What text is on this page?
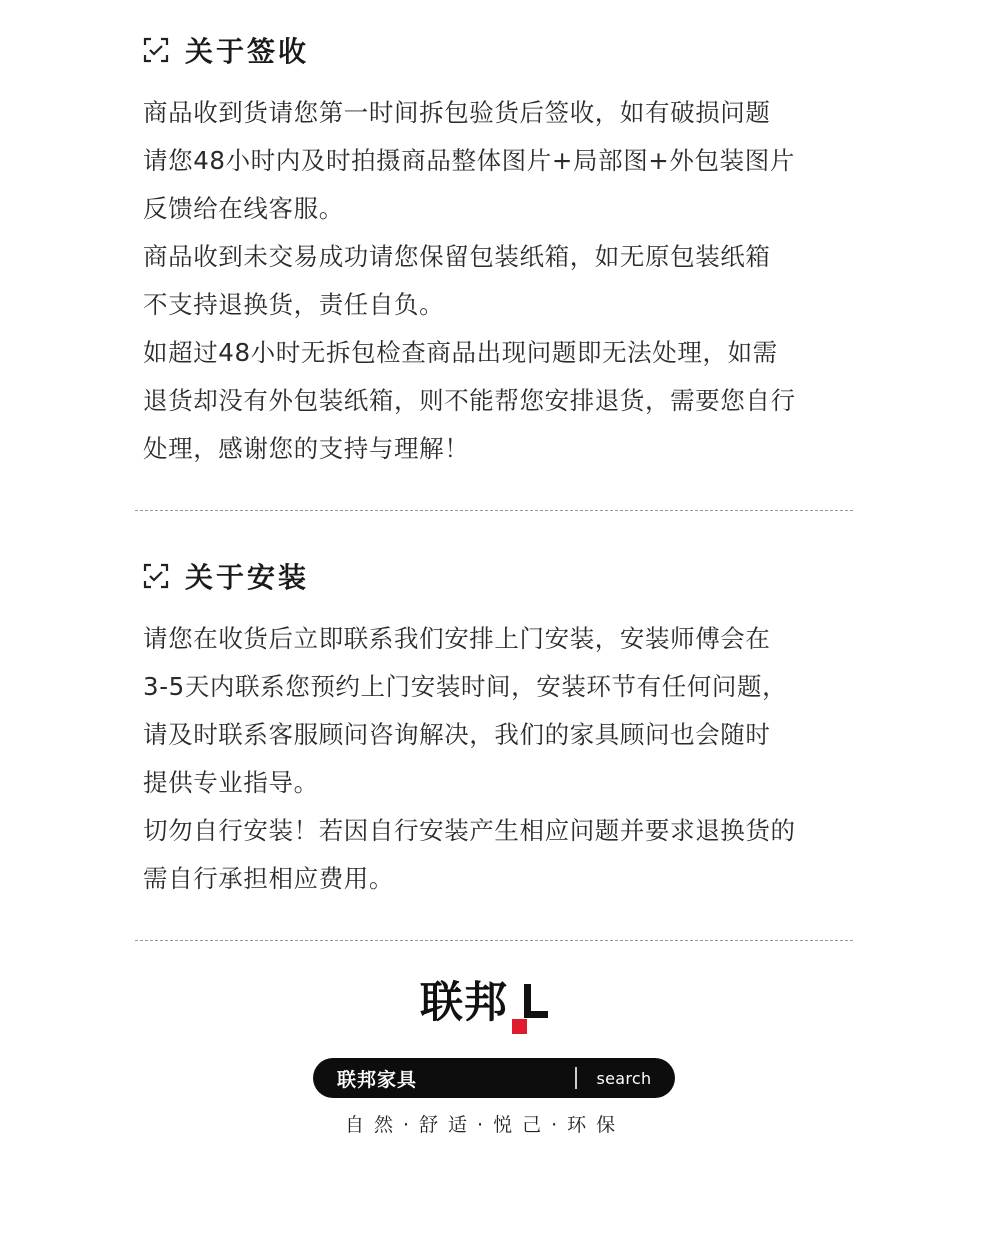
关于签收

商品收到货请您第一时间拆包验货后签收，如有破损问题

请您48小时内及时拍摄商品整体图片+局部图+外包装图片

反馈给在线客服。

商品收到未交易成功请您保留包装纸箱，如无原包装纸箱

不支持退换货，责任自负。

如超过48小时无拆包检查商品出现问题即无法处理，如需

退货却没有外包装纸箱，则不能帮您安排退货，需要您自行

处理，感谢您的支持与理解！

关于安装

请您在收货后立即联系我们安排上门安装，安装师傅会在

3-5天内联系您预约上门安装时间，安装环节有任何问题，

请及时联系客服顾问咨询解决，我们的家具顾问也会随时

提供专业指导。

切勿自行安装！若因自行安装产生相应问题并要求退换货的

需自行承担相应费用。

联邦
联邦家具	search
自然·舒适·悦己·环保
